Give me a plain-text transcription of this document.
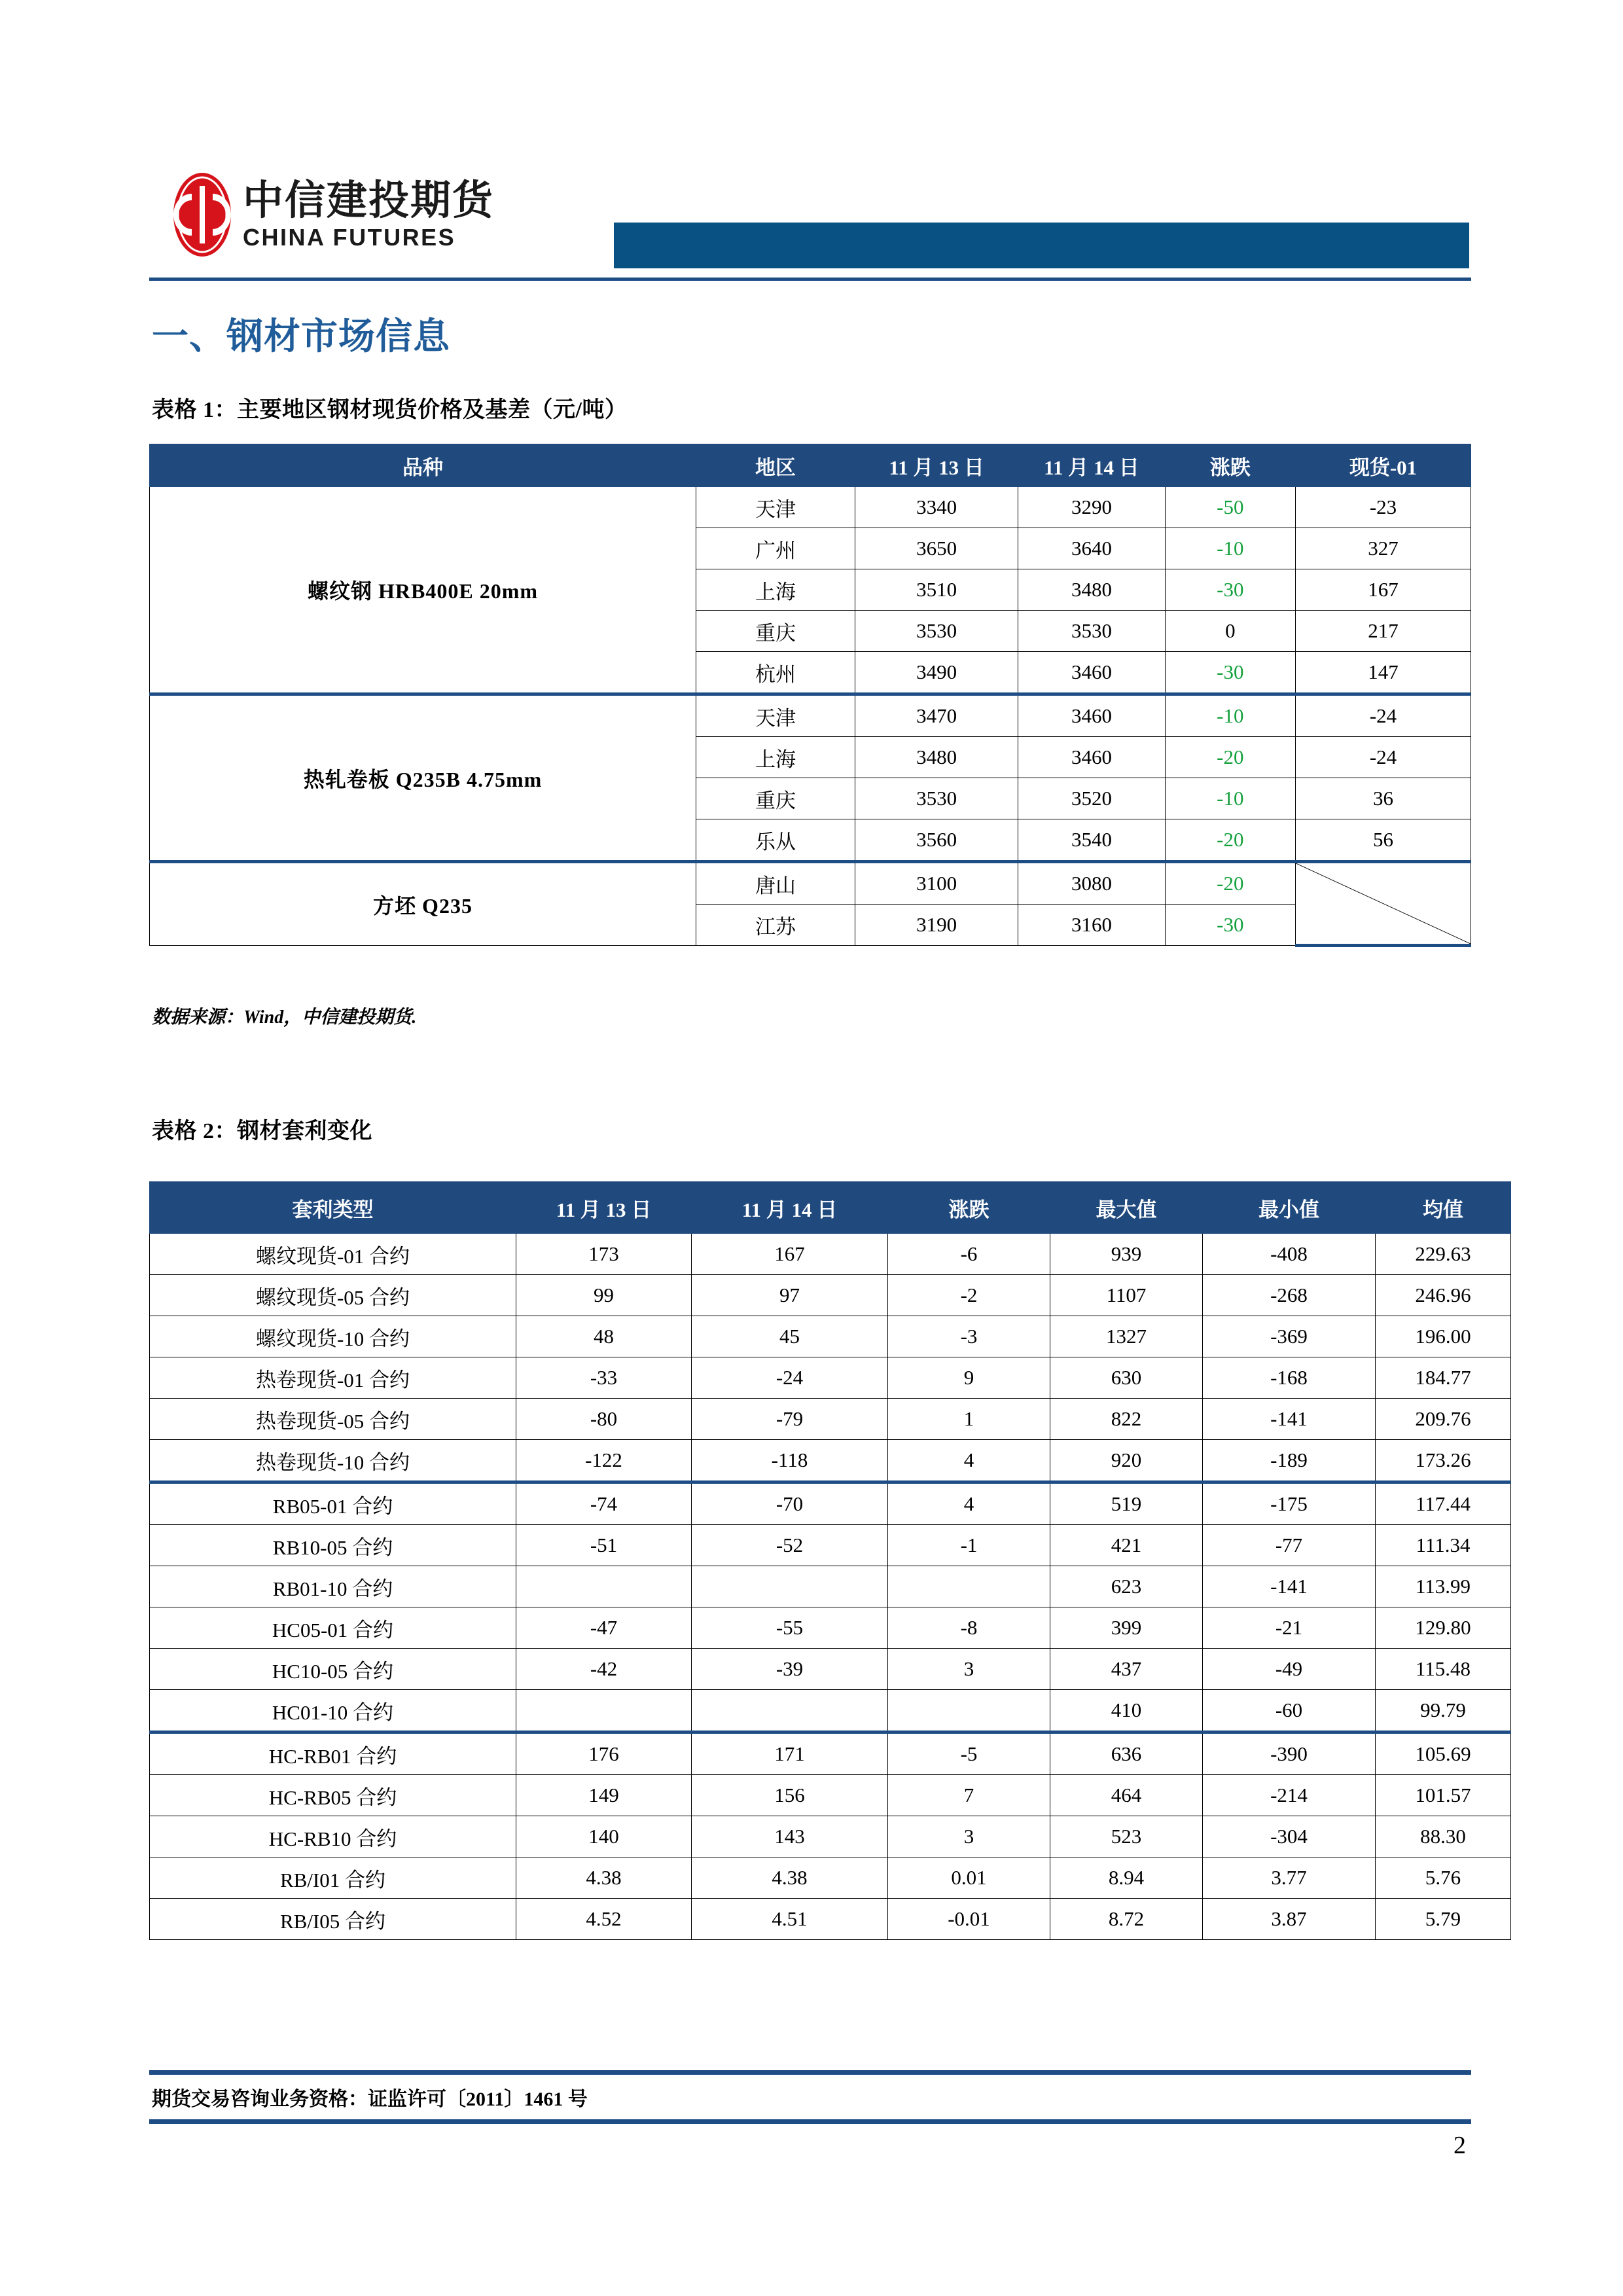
中信建投期货
CHINA FUTURES
一、钢材市场信息
表格 1：主要地区钢材现货价格及基差（元/吨）
品种	地区	11 月 13 日	11 月 14 日	涨跌	现货-01
螺纹钢 HRB400E 20mm	天津	3340	3290	-50	-23
	广州	3650	3640	-10	327
	上海	3510	3480	-30	167
	重庆	3530	3530	0	217
	杭州	3490	3460	-30	147
热轧卷板 Q235B 4.75mm	天津	3470	3460	-10	-24
	上海	3480	3460	-20	-24
	重庆	3530	3520	-10	36
	乐从	3560	3540	-20	56
方坯 Q235	唐山	3100	3080	-20	

	江苏	3190	3160	-30	
数据来源：Wind，中信建投期货.
表格 2：钢材套利变化
套利类型	11 月 13 日	11 月 14 日	涨跌	最大值	最小值	均值
螺纹现货-01 合约	173	167	-6	939	-408	229.63
螺纹现货-05 合约	99	97	-2	1107	-268	246.96
螺纹现货-10 合约	48	45	-3	1327	-369	196.00
热卷现货-01 合约	-33	-24	9	630	-168	184.77
热卷现货-05 合约	-80	-79	1	822	-141	209.76
热卷现货-10 合约	-122	-118	4	920	-189	173.26
RB05-01 合约	-74	-70	4	519	-175	117.44
RB10-05 合约	-51	-52	-1	421	-77	111.34
RB01-10 合约				623	-141	113.99
HC05-01 合约	-47	-55	-8	399	-21	129.80
HC10-05 合约	-42	-39	3	437	-49	115.48
HC01-10 合约				410	-60	99.79
HC-RB01 合约	176	171	-5	636	-390	105.69
HC-RB05 合约	149	156	7	464	-214	101.57
HC-RB10 合约	140	143	3	523	-304	88.30
RB/I01 合约	4.38	4.38	0.01	8.94	3.77	5.76
RB/I05 合约	4.52	4.51	-0.01	8.72	3.87	5.79
期货交易咨询业务资格：证监许可〔2011〕1461 号
2
